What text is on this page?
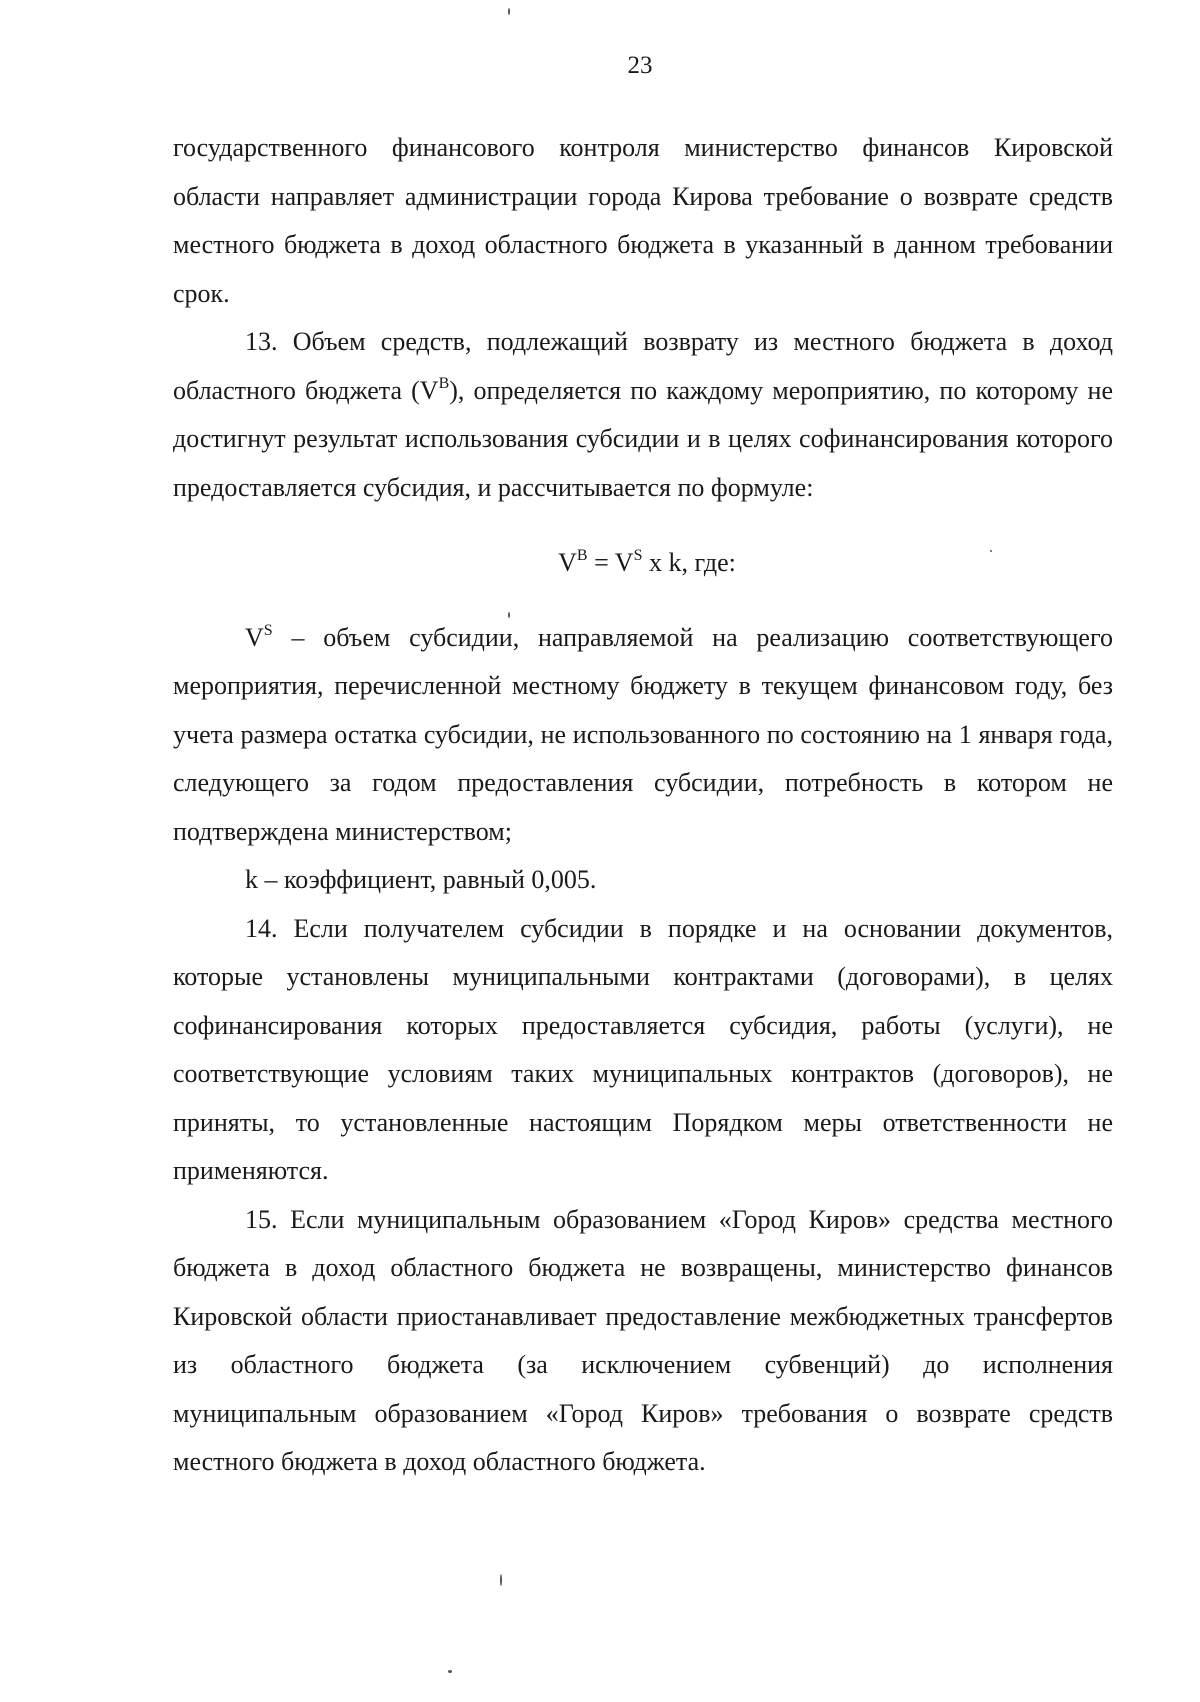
23

государственного финансового контроля министерство финансов Кировской области направляет администрации города Кирова требование о возврате средств местного бюджета в доход областного бюджета в указанный в данном требовании срок.

13. Объем средств, подлежащий возврату из местного бюджета в доход областного бюджета $(V^B)$, определяется по каждому мероприятию, по которому не достигнут результат использования субсидии и в целях софинансирования которого предоставляется субсидия, и рассчитывается по формуле:

$V^B = V^S$ x k, где:

$V^S$ – объем субсидии, направляемой на реализацию соответствующего мероприятия, перечисленной местному бюджету в текущем финансовом году, без учета размера остатка субсидии, не использованного по состоянию на 1 января года, следующего за годом предоставления субсидии, потребность в котором не подтверждена министерством;

k – коэффициент, равный 0,005.

14. Если получателем субсидии в порядке и на основании документов, которые установлены муниципальными контрактами (договорами), в целях софинансирования которых предоставляется субсидия, работы (услуги), не соответствующие условиям таких муниципальных контрактов (договоров), не приняты, то установленные настоящим Порядком меры ответственности не применяются.

15. Если муниципальным образованием «Город Киров» средства местного бюджета в доход областного бюджета не возвращены, министерство финансов Кировской области приостанавливает предоставление межбюджетных трансфертов из областного бюджета (за исключением субвенций) до исполнения муниципальным образованием «Город Киров» требования о возврате средств местного бюджета в доход областного бюджета.
